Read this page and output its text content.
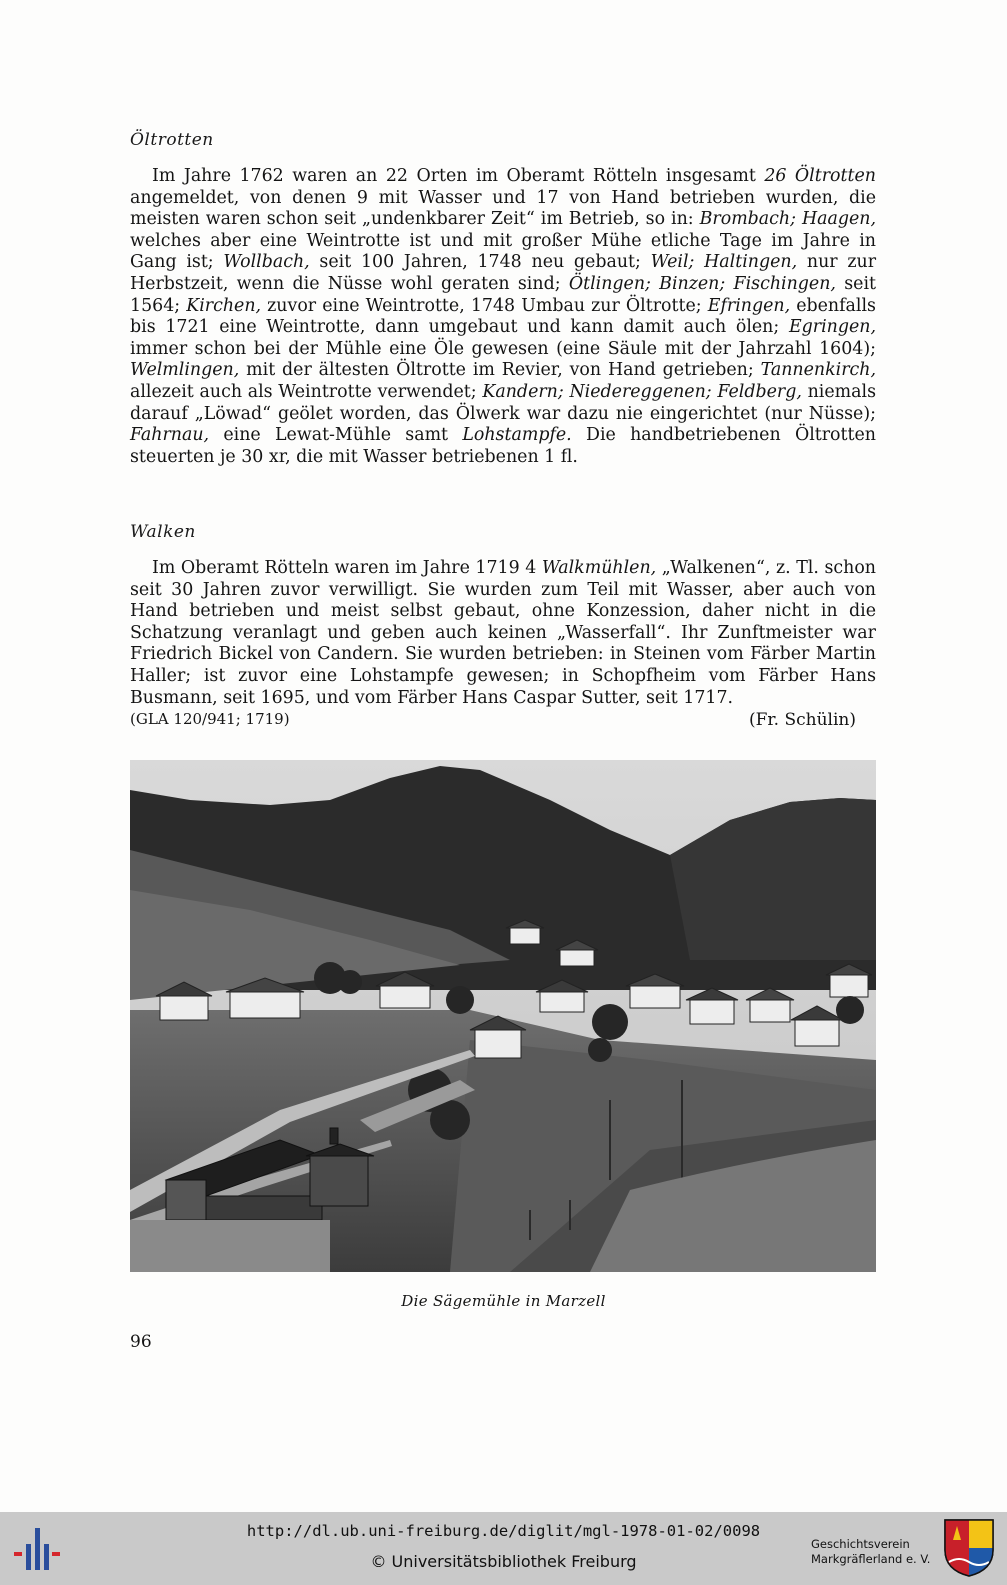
Öltrotten

Im Jahre 1762 waren an 22 Orten im Oberamt Rötteln insgesamt 26 Öltrotten angemeldet, von denen 9 mit Wasser und 17 von Hand betrieben wurden, die meisten waren schon seit „undenkbarer Zeit“ im Betrieb, so in: Brombach; Haagen, welches aber eine Weintrotte ist und mit großer Mühe etliche Tage im Jahre in Gang ist; Wollbach, seit 100 Jahren, 1748 neu gebaut; Weil; Haltingen, nur zur Herbstzeit, wenn die Nüsse wohl geraten sind; Ötlingen; Binzen; Fischingen, seit 1564; Kirchen, zuvor eine Weintrotte, 1748 Umbau zur Öltrotte; Efringen, ebenfalls bis 1721 eine Weintrotte, dann umgebaut und kann damit auch ölen; Egringen, immer schon bei der Mühle eine Öle gewesen (eine Säule mit der Jahrzahl 1604); Welmlingen, mit der ältesten Öltrotte im Revier, von Hand getrieben; Tannenkirch, allezeit auch als Weintrotte verwendet; Kandern; Niedereggenen; Feldberg, niemals darauf „Löwad“ geölet worden, das Ölwerk war dazu nie eingerichtet (nur Nüsse); Fahrnau, eine Lewat-Mühle samt Lohstampfe. Die handbetriebenen Öltrotten steuerten je 30 xr, die mit Wasser betriebenen 1 fl.

Walken

Im Oberamt Rötteln waren im Jahre 1719 4 Walkmühlen, „Walkenen“, z. Tl. schon seit 30 Jahren zuvor verwilligt. Sie wurden zum Teil mit Wasser, aber auch von Hand betrieben und meist selbst gebaut, ohne Konzession, daher nicht in die Schatzung veranlagt und geben auch keinen „Wasserfall“. Ihr Zunftmeister war Friedrich Bickel von Candern. Sie wurden betrieben: in Steinen vom Färber Martin Haller; ist zuvor eine Lohstampfe gewesen; in Schopfheim vom Färber Hans Busmann, seit 1695, und vom Färber Hans Caspar Sutter, seit 1717.

(GLA 120/941; 1719)	(Fr. Schülin)
Die Sägemühle in Marzell
96
http://dl.ub.uni-freiburg.de/diglit/mgl-1978-01-02/0098
© Universitätsbibliothek Freiburg
Geschichtsverein
Markgräflerland e. V.
